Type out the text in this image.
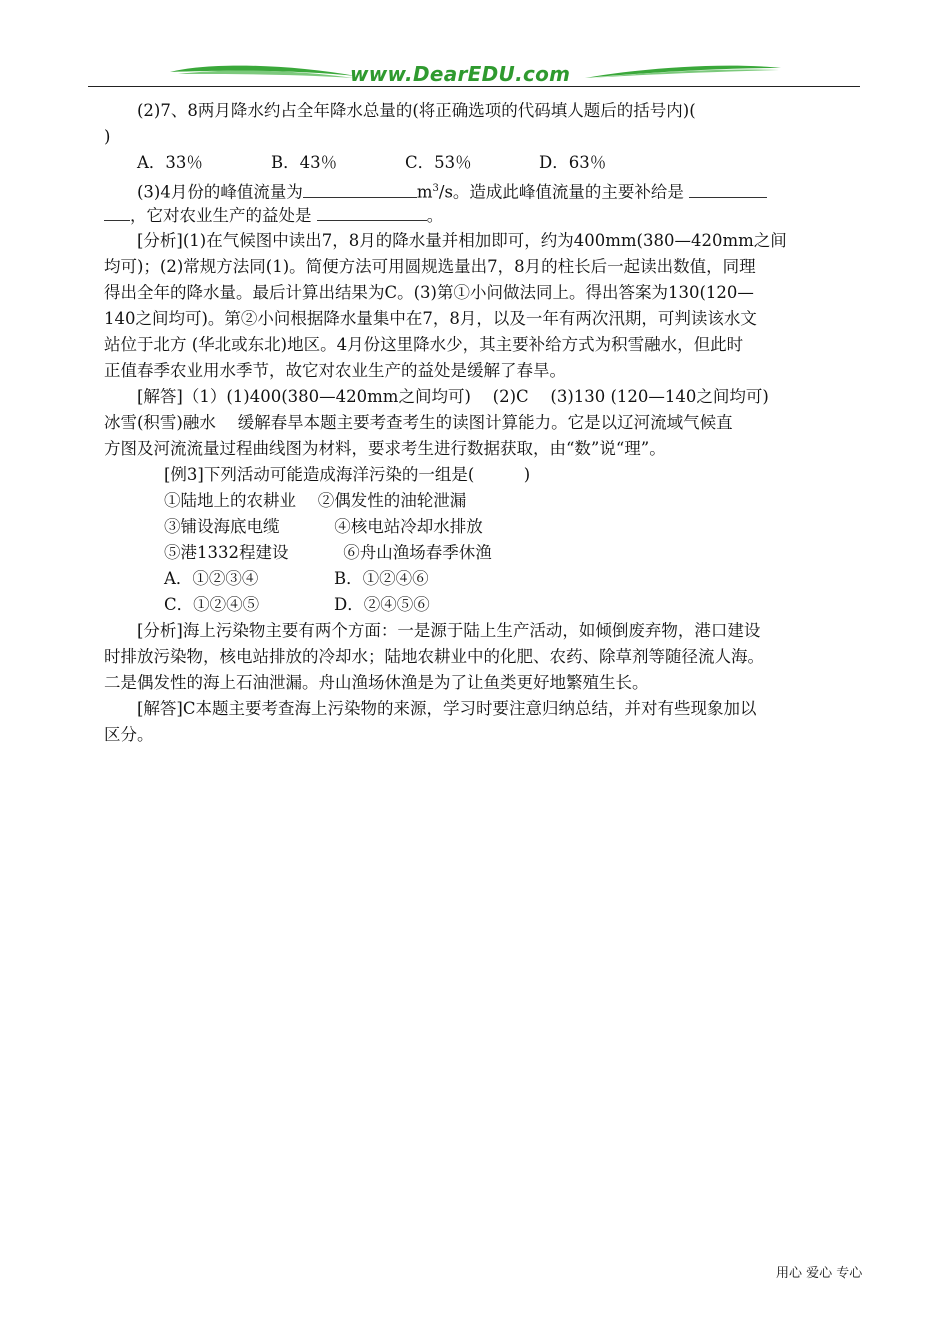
www.DearEDU.com
(2)7、8两月降水约占全年降水总量的(将正确选项的代码填人题后的括号内)(
)
A．33％	B．43％	C．53％	D．63％
(3)4月份的峰值流量为	$m^3/s$。造成此峰值流量的主要补给是
，它对农业生产的益处是	。
[分析](1)在气候图中读出7，8月的降水量并相加即可，约为400mm(380—420mm之间
均可)；(2)常规方法同(1)。简便方法可用圆规选量出7，8月的柱长后一起读出数值，同理
得出全年的降水量。最后计算出结果为C。(3)第①小问做法同上。得出答案为130(120—
140之间均可)。第②小问根据降水量集中在7，8月，以及一年有两次汛期，可判读该水文
站位于北方 (华北或东北)地区。4月份这里降水少，其主要补给方式为积雪融水，但此时
正值春季农业用水季节，故它对农业生产的益处是缓解了春旱。
[解答]（1）(1)400(380—420mm之间均可)　 (2)C　 (3)130 (120—140之间均可)
冰雪(积雪)融水　 缓解春旱本题主要考查考生的读图计算能力。它是以辽河流域气候直
方图及河流流量过程曲线图为材料，要求考生进行数据获取，由“数”说“理”。
[例3]下列活动可能造成海洋污染的一组是(　　　)
①陆地上的农耕业　 ②偶发性的油轮泄漏
③铺设海底电缆　　　 ④核电站冷却水排放
⑤港1332程建设　　　 ⑥舟山渔场春季休渔
A．①②③④	B．①②④⑥
C．①②④⑤	D．②④⑤⑥
[分析]海上污染物主要有两个方面：一是源于陆上生产活动，如倾倒废弃物，港口建设
时排放污染物，核电站排放的冷却水；陆地农耕业中的化肥、农药、除草剂等随径流人海。
二是偶发性的海上石油泄漏。舟山渔场休渔是为了让鱼类更好地繁殖生长。
[解答]C本题主要考查海上污染物的来源，学习时要注意归纳总结，并对有些现象加以
区分。
用心 爱心 专心
